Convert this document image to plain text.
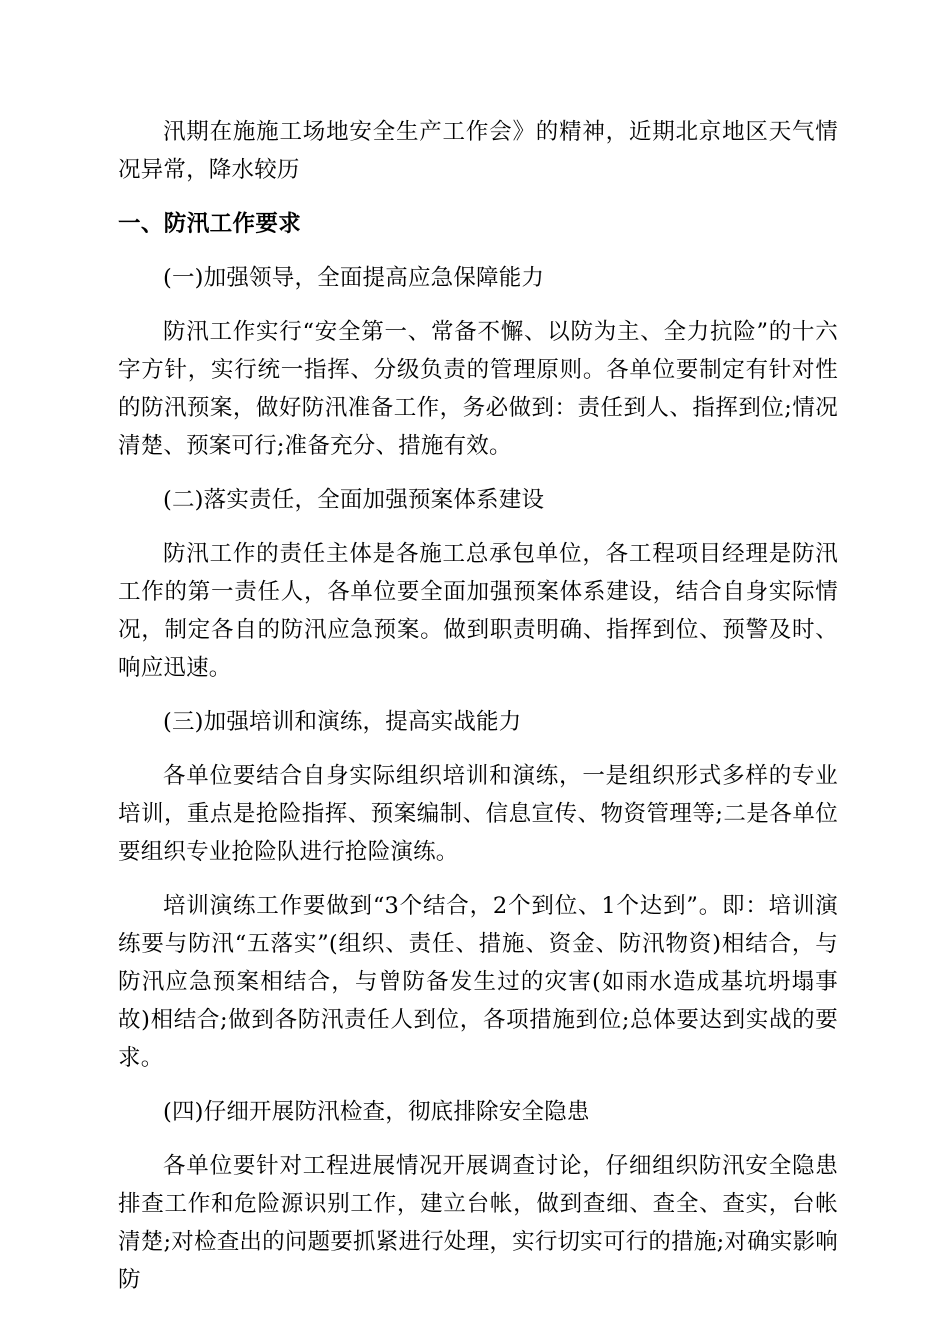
汛期在施施工场地安全生产工作会》的精神，近期北京地区天气情况异常，降水较历

一、防汛工作要求

(一)加强领导，全面提高应急保障能力

防汛工作实行“安全第一、常备不懈、以防为主、全力抗险”的十六字方针，实行统一指挥、分级负责的管理原则。各单位要制定有针对性的防汛预案，做好防汛准备工作，务必做到：责任到人、指挥到位;情况清楚、预案可行;准备充分、措施有效。

(二)落实责任，全面加强预案体系建设

防汛工作的责任主体是各施工总承包单位，各工程项目经理是防汛工作的第一责任人，各单位要全面加强预案体系建设，结合自身实际情况，制定各自的防汛应急预案。做到职责明确、指挥到位、预警及时、响应迅速。

(三)加强培训和演练，提高实战能力

各单位要结合自身实际组织培训和演练，一是组织形式多样的专业培训，重点是抢险指挥、预案编制、信息宣传、物资管理等;二是各单位要组织专业抢险队进行抢险演练。

培训演练工作要做到“3个结合，2个到位、1个达到”。即：培训演练要与防汛“五落实”(组织、责任、措施、资金、防汛物资)相结合，与防汛应急预案相结合，与曾防备发生过的灾害(如雨水造成基坑坍塌事故)相结合;做到各防汛责任人到位，各项措施到位;总体要达到实战的要求。

(四)仔细开展防汛检查，彻底排除安全隐患

各单位要针对工程进展情况开展调查讨论，仔细组织防汛安全隐患排查工作和危险源识别工作，建立台帐，做到查细、查全、查实，台帐清楚;对检查出的问题要抓紧进行处理，实行切实可行的措施;对确实影响防
